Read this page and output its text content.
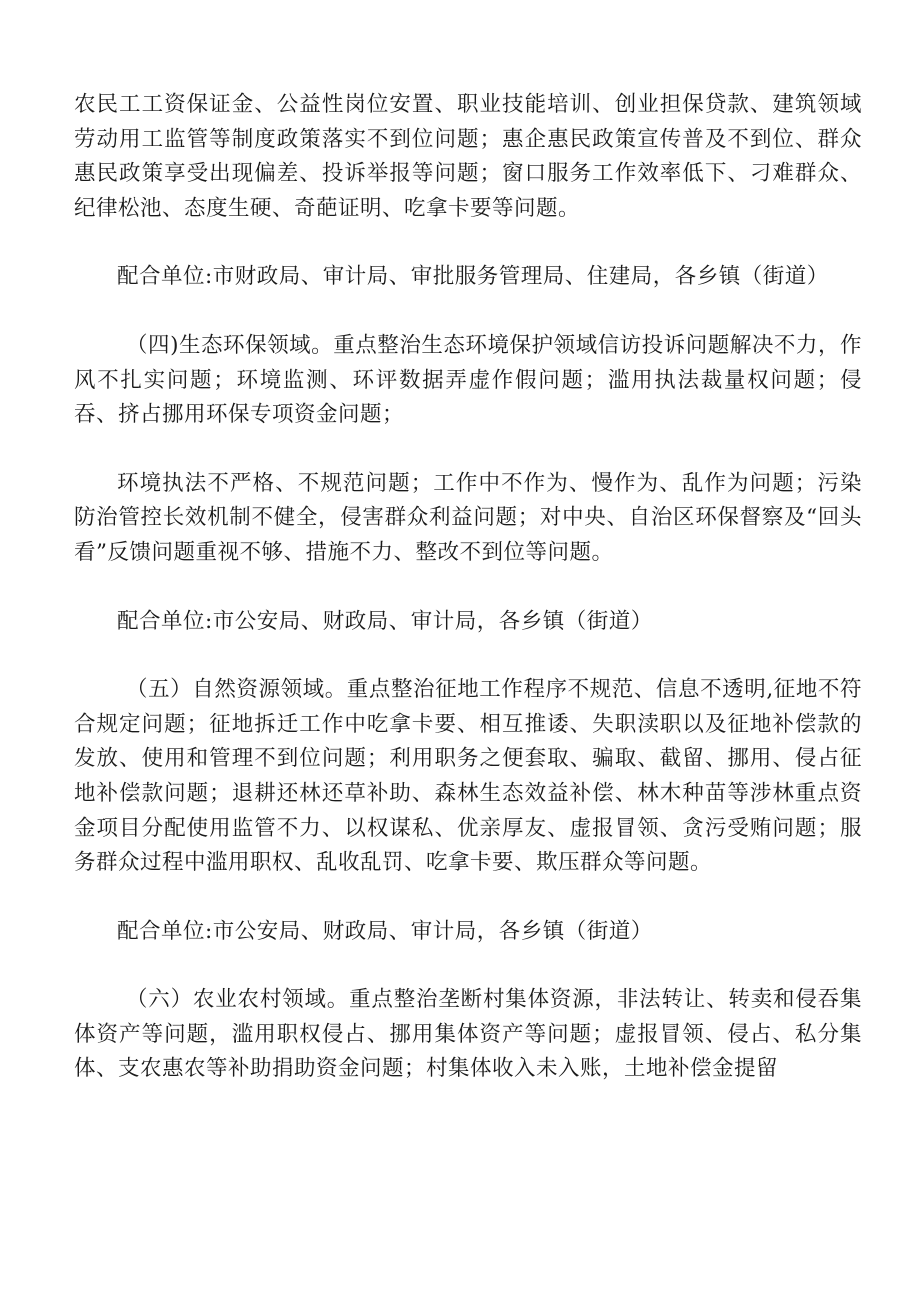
农民工工资保证金、公益性岗位安置、职业技能培训、创业担保贷款、建筑领域劳动用工监管等制度政策落实不到位问题；惠企惠民政策宣传普及不到位、群众惠民政策享受出现偏差、投诉举报等问题；窗口服务工作效率低下、刁难群众、纪律松池、态度生硬、奇葩证明、吃拿卡要等问题。

配合单位:市财政局、审计局、审批服务管理局、住建局，各乡镇（街道）

（四)生态环保领域。重点整治生态环境保护领域信访投诉问题解决不力，作风不扎实问题；环境监测、环评数据弄虚作假问题；滥用执法裁量权问题；侵吞、挤占挪用环保专项资金问题；

环境执法不严格、不规范问题；工作中不作为、慢作为、乱作为问题；污染防治管控长效机制不健全，侵害群众利益问题；对中央、自治区环保督察及“回头看”反馈问题重视不够、措施不力、整改不到位等问题。

配合单位:市公安局、财政局、审计局，各乡镇（街道）

（五）自然资源领域。重点整治征地工作程序不规范、信息不透明,征地不符合规定问题；征地拆迁工作中吃拿卡要、相互推诿、失职渎职以及征地补偿款的发放、使用和管理不到位问题；利用职务之便套取、骗取、截留、挪用、侵占征地补偿款问题；退耕还林还草补助、森林生态效益补偿、林木种苗等涉林重点资金项目分配使用监管不力、以权谋私、优亲厚友、虚报冒领、贪污受贿问题；服务群众过程中滥用职权、乱收乱罚、吃拿卡要、欺压群众等问题。

配合单位:市公安局、财政局、审计局，各乡镇（街道）

（六）农业农村领域。重点整治垄断村集体资源，非法转让、转卖和侵吞集体资产等问题，滥用职权侵占、挪用集体资产等问题；虚报冒领、侵占、私分集体、支农惠农等补助捐助资金问题；村集体收入未入账，土地补偿金提留
